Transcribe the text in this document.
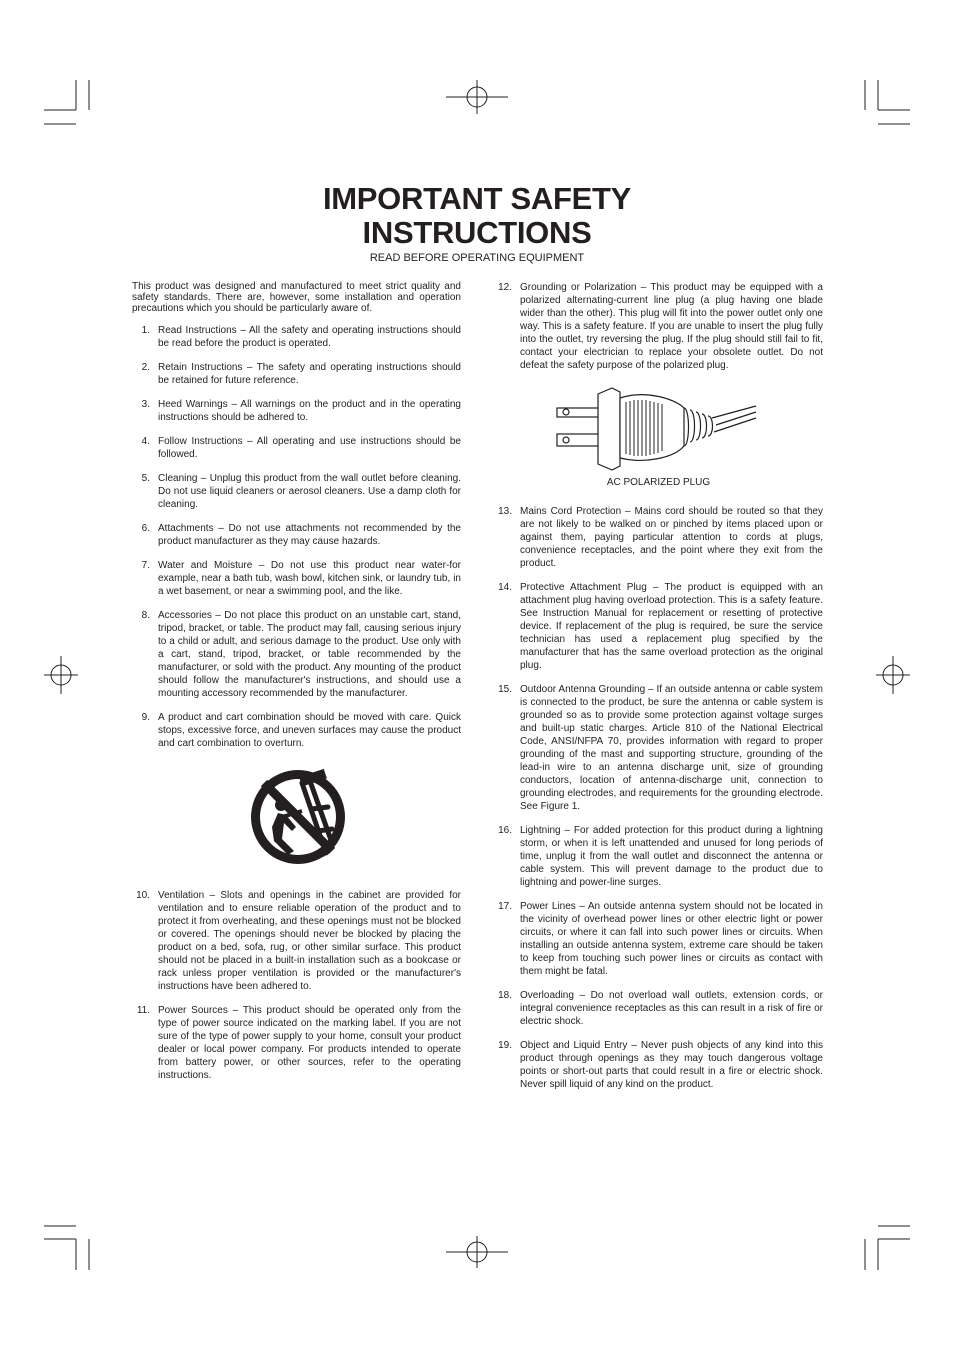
IMPORTANT SAFETY
INSTRUCTIONS
READ BEFORE OPERATING EQUIPMENT

This product was designed and manufactured to meet strict quality and safety standards. There are, however, some installation and operation precautions which you should be particularly aware of.

1. Read Instructions – All the safety and operating instructions should be read before the product is operated.
2. Retain Instructions – The safety and operating instructions should be retained for future reference.
3. Heed Warnings – All warnings on the product and in the operating instructions should be adhered to.
4. Follow Instructions – All operating and use instructions should be followed.
5. Cleaning – Unplug this product from the wall outlet before cleaning. Do not use liquid cleaners or aerosol cleaners. Use a damp cloth for cleaning.
6. Attachments – Do not use attachments not recommended by the product manufacturer as they may cause hazards.
7. Water and Moisture – Do not use this product near water-for example, near a bath tub, wash bowl, kitchen sink, or laundry tub, in a wet basement, or near a swimming pool, and the like.
8. Accessories – Do not place this product on an unstable cart, stand, tripod, bracket, or table. The product may fall, causing serious injury to a child or adult, and serious damage to the product. Use only with a cart, stand, tripod, bracket, or table recommended by the manufacturer, or sold with the product. Any mounting of the product should follow the manufacturer's instructions, and should use a mounting accessory recommended by the manufacturer.
9. A product and cart combination should be moved with care. Quick stops, excessive force, and uneven surfaces may cause the product and cart combination to overturn.
10. Ventilation – Slots and openings in the cabinet are provided for ventilation and to ensure reliable operation of the product and to protect it from overheating, and these openings must not be blocked or covered. The openings should never be blocked by placing the product on a bed, sofa, rug, or other similar surface. This product should not be placed in a built-in installation such as a bookcase or rack unless proper ventilation is provided or the manufacturer's instructions have been adhered to.
11. Power Sources – This product should be operated only from the type of power source indicated on the marking label. If you are not sure of the type of power supply to your home, consult your product dealer or local power company. For products intended to operate from battery power, or other sources, refer to the operating instructions.
12. Grounding or Polarization – This product may be equipped with a polarized alternating-current line plug (a plug having one blade wider than the other). This plug will fit into the power outlet only one way. This is a safety feature. If you are unable to insert the plug fully into the outlet, try reversing the plug. If the plug should still fail to fit, contact your electrician to replace your obsolete outlet. Do not defeat the safety purpose of the polarized plug.
AC POLARIZED PLUG
13. Mains Cord Protection – Mains cord should be routed so that they are not likely to be walked on or pinched by items placed upon or against them, paying particular attention to cords at plugs, convenience receptacles, and the point where they exit from the product.
14. Protective Attachment Plug – The product is equipped with an attachment plug having overload protection. This is a safety feature. See Instruction Manual for replacement or resetting of protective device. If replacement of the plug is required, be sure the service technician has used a replacement plug specified by the manufacturer that has the same overload protection as the original plug.
15. Outdoor Antenna Grounding – If an outside antenna or cable system is connected to the product, be sure the antenna or cable system is grounded so as to provide some protection against voltage surges and built-up static charges. Article 810 of the National Electrical Code, ANSI/NFPA 70, provides information with regard to proper grounding of the mast and supporting structure, grounding of the lead-in wire to an antenna discharge unit, size of grounding conductors, location of antenna-discharge unit, connection to grounding electrodes, and requirements for the grounding electrode. See Figure 1.
16. Lightning – For added protection for this product during a lightning storm, or when it is left unattended and unused for long periods of time, unplug it from the wall outlet and disconnect the antenna or cable system. This will prevent damage to the product due to lightning and power-line surges.
17. Power Lines – An outside antenna system should not be located in the vicinity of overhead power lines or other electric light or power circuits, or where it can fall into such power lines or circuits. When installing an outside antenna system, extreme care should be taken to keep from touching such power lines or circuits as contact with them might be fatal.
18. Overloading – Do not overload wall outlets, extension cords, or integral convenience receptacles as this can result in a risk of fire or electric shock.
19. Object and Liquid Entry – Never push objects of any kind into this product through openings as they may touch dangerous voltage points or short-out parts that could result in a fire or electric shock. Never spill liquid of any kind on the product.
